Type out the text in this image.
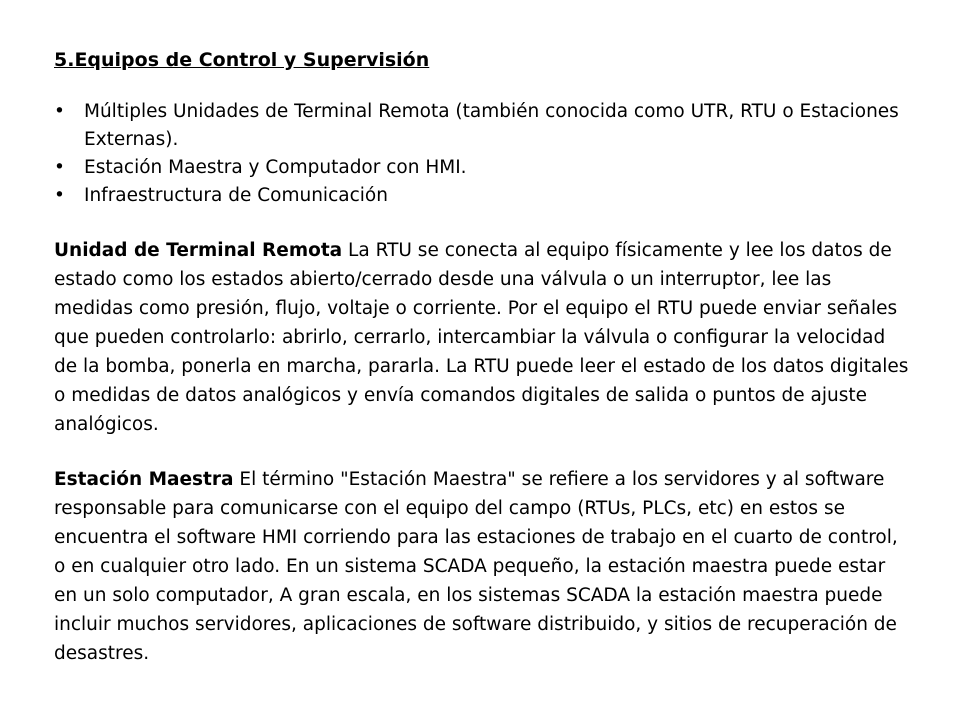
5.Equipos de Control y Supervisión
• Múltiples Unidades de Terminal Remota (también conocida como UTR, RTU o Estaciones Externas).
• Estación Maestra y Computador con HMI.
• Infraestructura de Comunicación

Unidad de Terminal Remota La RTU se conecta al equipo físicamente y lee los datos de estado como los estados abierto/cerrado desde una válvula o un interruptor, lee las medidas como presión, flujo, voltaje o corriente. Por el equipo el RTU puede enviar señales que pueden controlarlo: abrirlo, cerrarlo, intercambiar la válvula o configurar la velocidad de la bomba, ponerla en marcha, pararla. La RTU puede leer el estado de los datos digitales o medidas de datos analógicos y envía comandos digitales de salida o puntos de ajuste analógicos.

Estación Maestra El término "Estación Maestra" se refiere a los servidores y al software responsable para comunicarse con el equipo del campo (RTUs, PLCs, etc) en estos se encuentra el software HMI corriendo para las estaciones de trabajo en el cuarto de control, o en cualquier otro lado. En un sistema SCADA pequeño, la estación maestra puede estar en un solo computador, A gran escala, en los sistemas SCADA la estación maestra puede incluir muchos servidores, aplicaciones de software distribuido, y sitios de recuperación de desastres.
